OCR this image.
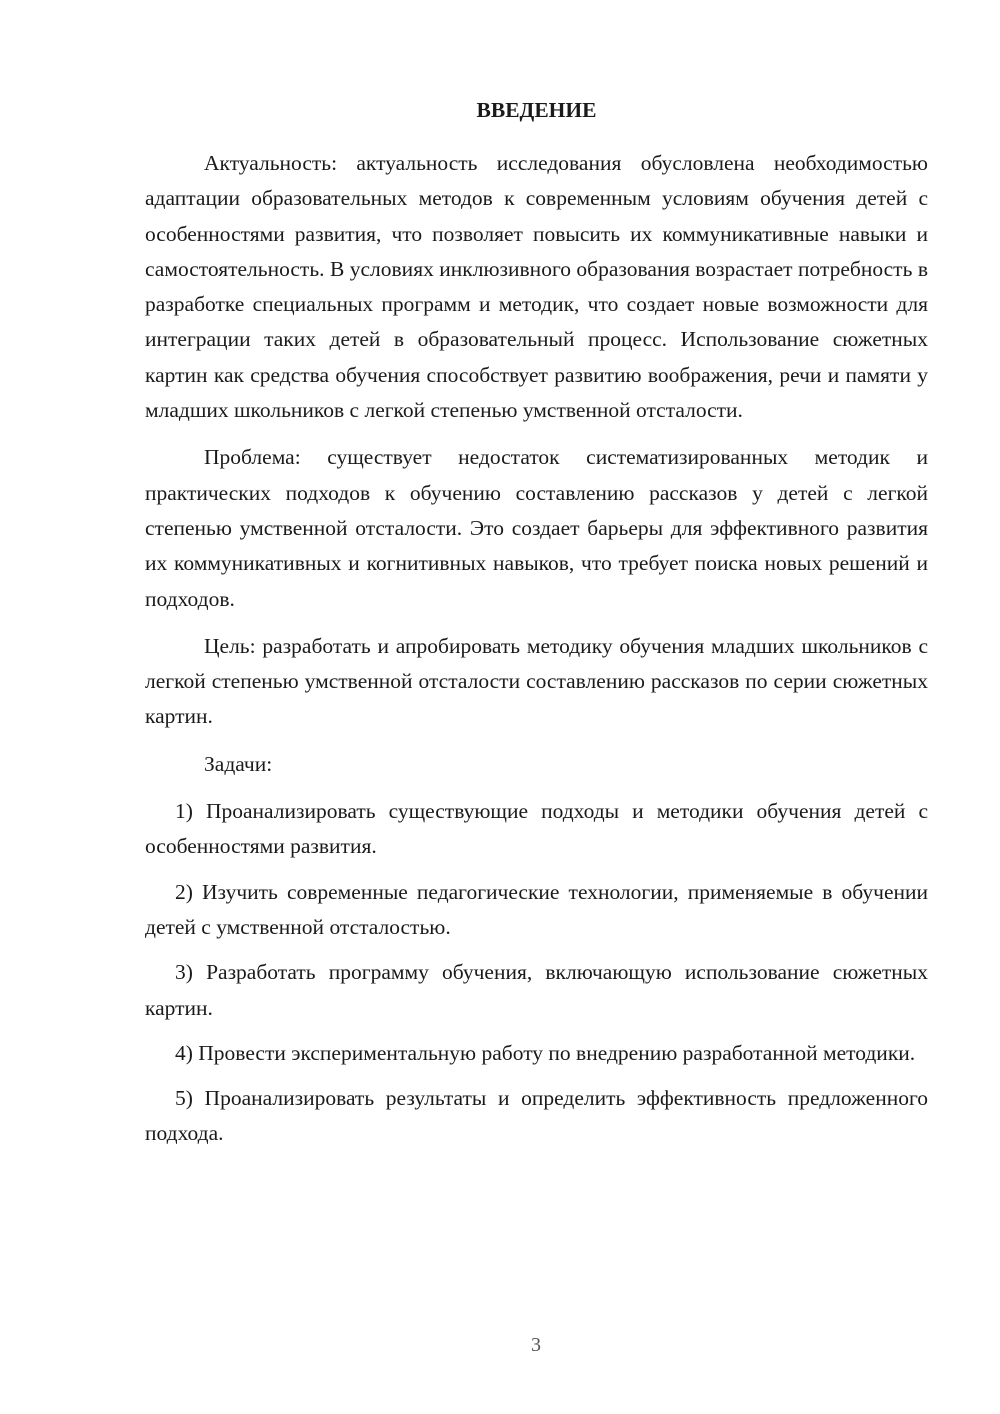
ВВЕДЕНИЕ

Актуальность: актуальность исследования обусловлена необходимостью адаптации образовательных методов к современным условиям обучения детей с особенностями развития, что позволяет повысить их коммуникативные навыки и самостоятельность. В условиях инклюзивного образования возрастает потребность в разработке специальных программ и методик, что создает новые возможности для интеграции таких детей в образовательный процесс. Использование сюжетных картин как средства обучения способствует развитию воображения, речи и памяти у младших школьников с легкой степенью умственной отсталости.

Проблема: существует недостаток систематизированных методик и практических подходов к обучению составлению рассказов у детей с легкой степенью умственной отсталости. Это создает барьеры для эффективного развития их коммуникативных и когнитивных навыков, что требует поиска новых решений и подходов.

Цель: разработать и апробировать методику обучения младших школьников с легкой степенью умственной отсталости составлению рассказов по серии сюжетных картин.

Задачи:

1) Проанализировать существующие подходы и методики обучения детей с особенностями развития.

2) Изучить современные педагогические технологии, применяемые в обучении детей с умственной отсталостью.

3) Разработать программу обучения, включающую использование сюжетных картин.

4) Провести экспериментальную работу по внедрению разработанной методики.

5) Проанализировать результаты и определить эффективность предложенного подхода.

3
